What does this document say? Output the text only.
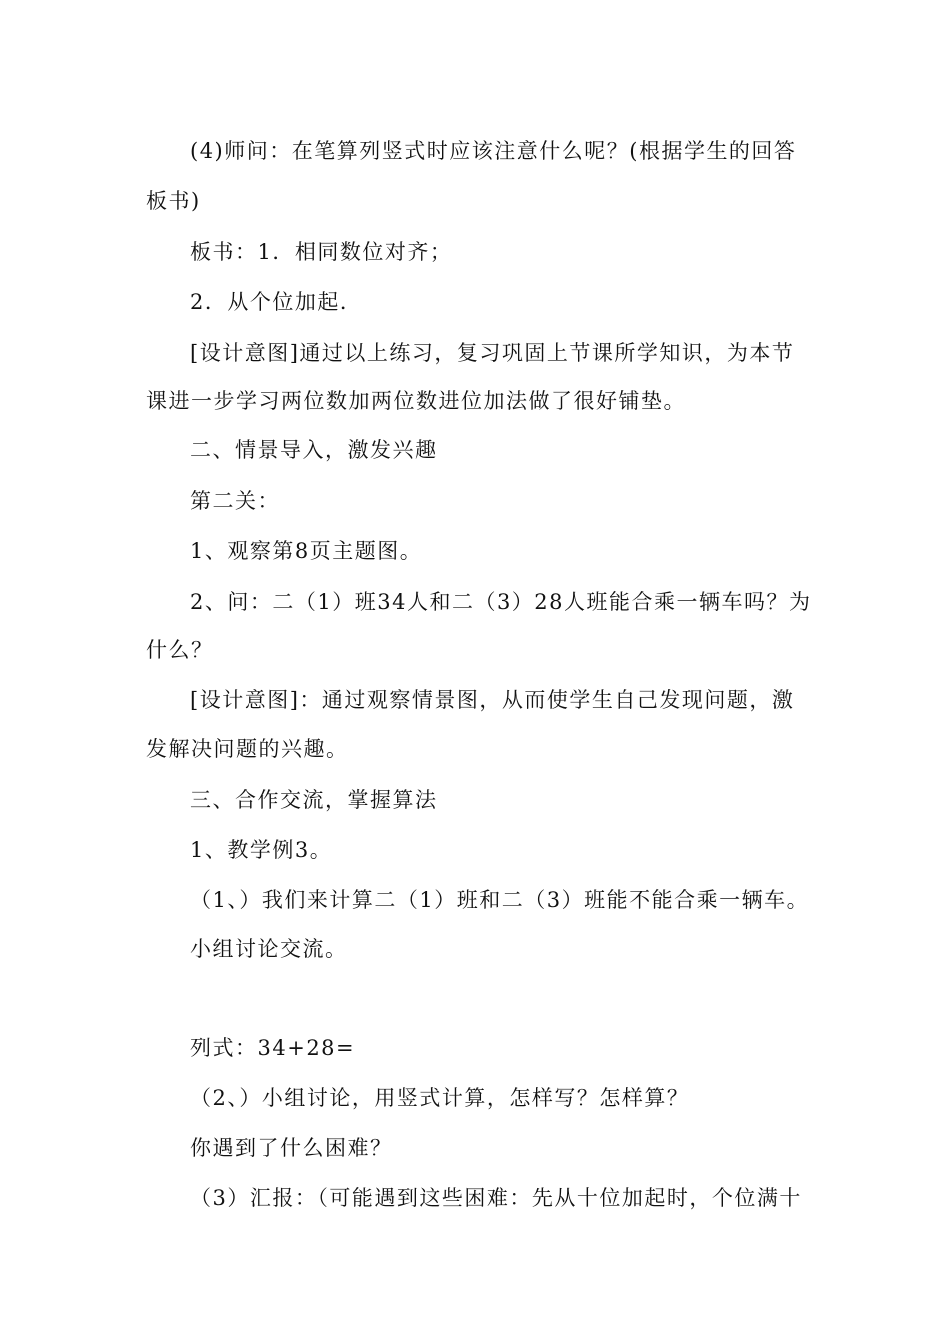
(4)师问：在笔算列竖式时应该注意什么呢？(根据学生的回答
板书)
板书：1．相同数位对齐；
2．从个位加起．
[设计意图]通过以上练习，复习巩固上节课所学知识，为本节
课进一步学习两位数加两位数进位加法做了很好铺垫。
二、情景导入，激发兴趣
第二关：
1、观察第8页主题图。
2、问：二（1）班34人和二（3）28人班能合乘一辆车吗？为
什么？
[设计意图]：通过观察情景图，从而使学生自己发现问题，激
发解决问题的兴趣。
三、合作交流，掌握算法
1、教学例3。
（1、）我们来计算二（1）班和二（3）班能不能合乘一辆车。
小组讨论交流。
列式：34+28=
（2、）小组讨论，用竖式计算，怎样写？怎样算？
你遇到了什么困难？
（3）汇报：（可能遇到这些困难：先从十位加起时，个位满十
